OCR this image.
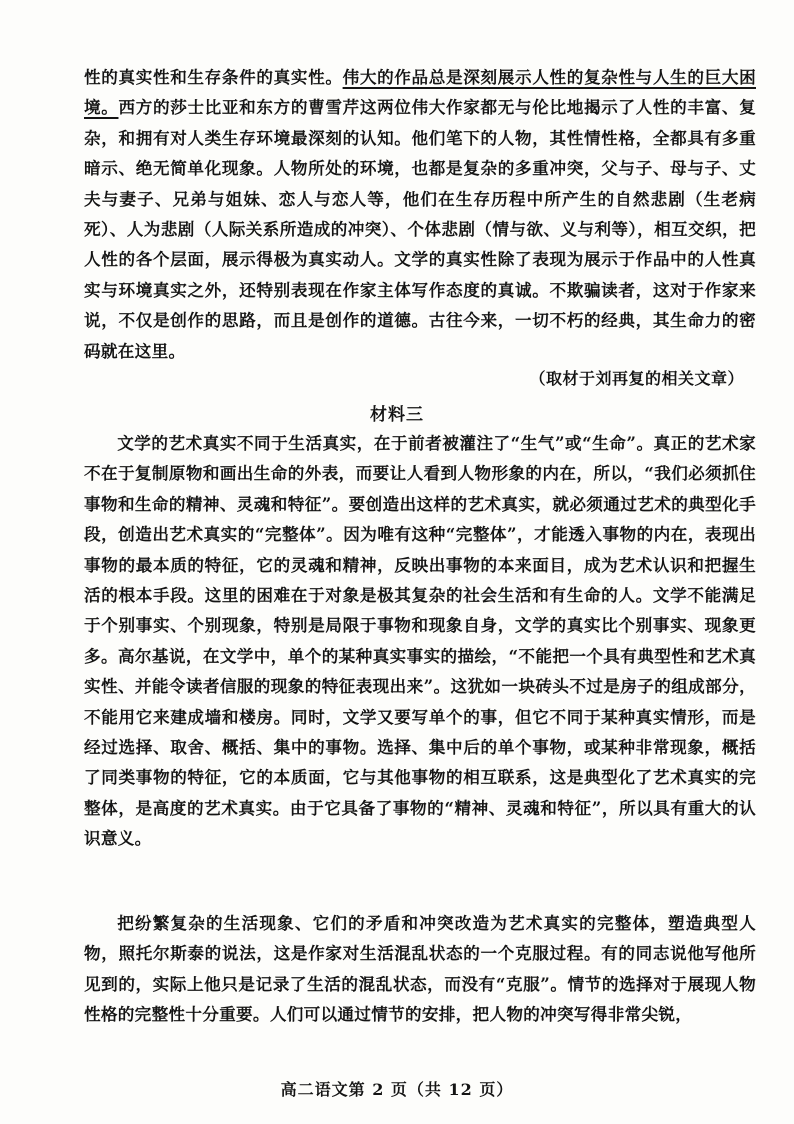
性的真实性和生存条件的真实性。伟大的作品总是深刻展示人性的复杂性与人生的巨大困境。西方的莎士比亚和东方的曹雪芹这两位伟大作家都无与伦比地揭示了人性的丰富、复杂，和拥有对人类生存环境最深刻的认知。他们笔下的人物，其性情性格，全都具有多重暗示、绝无简单化现象。人物所处的环境，也都是复杂的多重冲突，父与子、母与子、丈夫与妻子、兄弟与姐妹、恋人与恋人等，他们在生存历程中所产生的自然悲剧（生老病死）、人为悲剧（人际关系所造成的冲突）、个体悲剧（情与欲、义与利等），相互交织，把人性的各个层面，展示得极为真实动人。文学的真实性除了表现为展示于作品中的人性真实与环境真实之外，还特别表现在作家主体写作态度的真诚。不欺骗读者，这对于作家来说，不仅是创作的思路，而且是创作的道德。古往今来，一切不朽的经典，其生命力的密码就在这里。

（取材于刘再复的相关文章）
材料三

文学的艺术真实不同于生活真实，在于前者被灌注了“生气”或“生命”。真正的艺术家不在于复制原物和画出生命的外表，而要让人看到人物形象的内在，所以，“我们必须抓住事物和生命的精神、灵魂和特征”。要创造出这样的艺术真实，就必须通过艺术的典型化手段，创造出艺术真实的“完整体”。因为唯有这种“完整体”，才能透入事物的内在，表现出事物的最本质的特征，它的灵魂和精神，反映出事物的本来面目，成为艺术认识和把握生活的根本手段。这里的困难在于对象是极其复杂的社会生活和有生命的人。文学不能满足于个别事实、个别现象，特别是局限于事物和现象自身，文学的真实比个别事实、现象更多。高尔基说，在文学中，单个的某种真实事实的描绘，“不能把一个具有典型性和艺术真实性、并能令读者信服的现象的特征表现出来”。这犹如一块砖头不过是房子的组成部分，不能用它来建成墙和楼房。同时，文学又要写单个的事，但它不同于某种真实情形，而是经过选择、取舍、概括、集中的事物。选择、集中后的单个事物，或某种非常现象，概括了同类事物的特征，它的本质面，它与其他事物的相互联系，这是典型化了艺术真实的完整体，是高度的艺术真实。由于它具备了事物的“精神、灵魂和特征”，所以具有重大的认识意义。

把纷繁复杂的生活现象、它们的矛盾和冲突改造为艺术真实的完整体，塑造典型人物，照托尔斯泰的说法，这是作家对生活混乱状态的一个克服过程。有的同志说他写他所见到的，实际上他只是记录了生活的混乱状态，而没有“克服”。情节的选择对于展现人物性格的完整性十分重要。人们可以通过情节的安排，把人物的冲突写得非常尖锐，

高二语文第 2 页（共 12 页）
